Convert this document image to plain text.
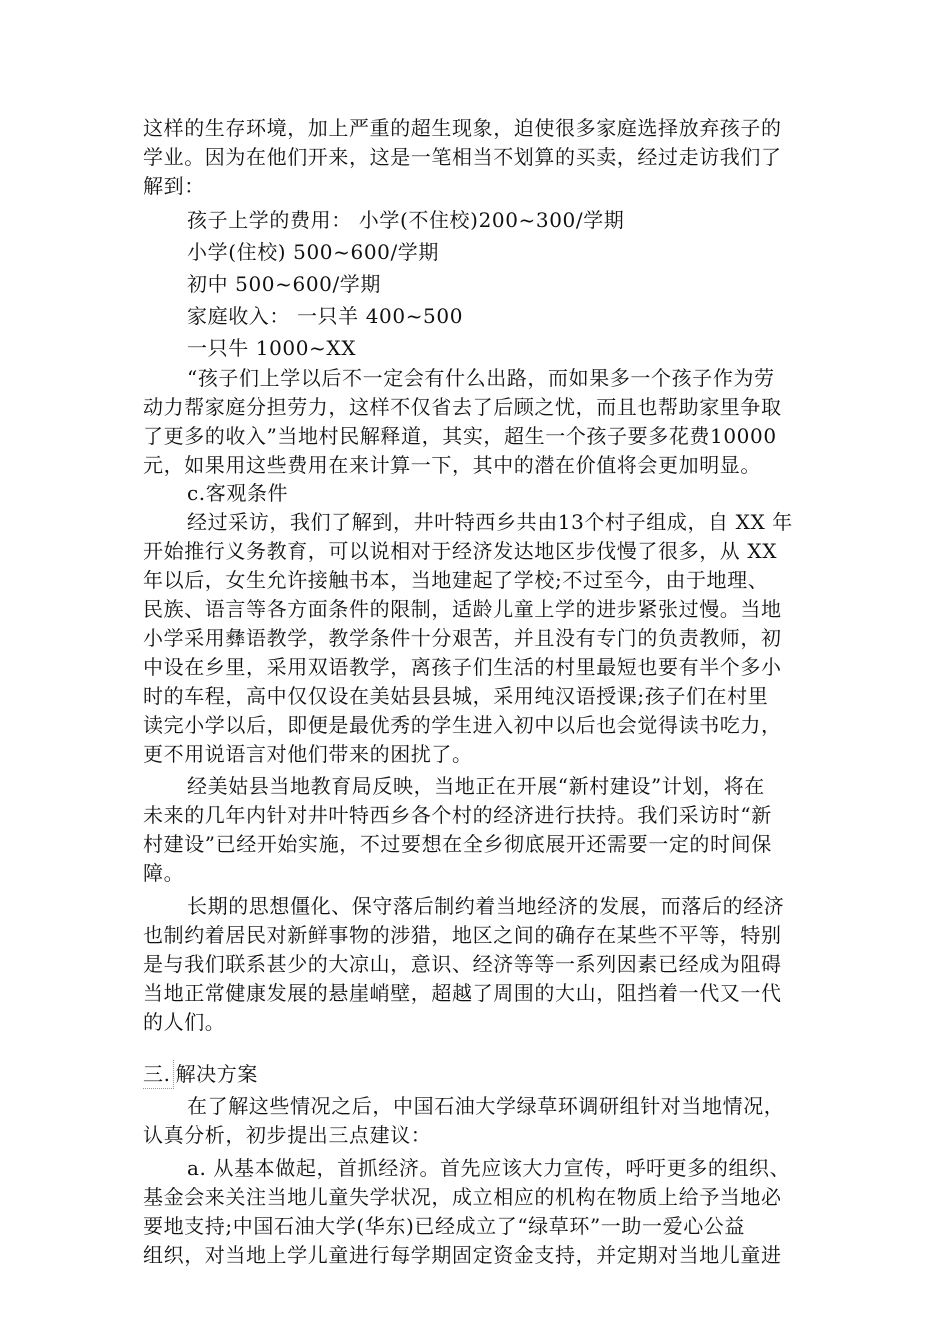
这样的生存环境，加上严重的超生现象，迫使很多家庭选择放弃孩子的
学业。因为在他们开来，这是一笔相当不划算的买卖，经过走访我们了
解到：
孩子上学的费用： 小学(不住校)200~300/学期
小学(住校) 500~600/学期
初中 500~600/学期
家庭收入： 一只羊 400~500
一只牛 1000~XX
“孩子们上学以后不一定会有什么出路，而如果多一个孩子作为劳
动力帮家庭分担劳力，这样不仅省去了后顾之忧，而且也帮助家里争取
了更多的收入”当地村民解释道，其实，超生一个孩子要多花费10000
元，如果用这些费用在来计算一下，其中的潜在价值将会更加明显。
c.客观条件
经过采访，我们了解到，井叶特西乡共由13个村子组成，自 XX 年
开始推行义务教育，可以说相对于经济发达地区步伐慢了很多，从 XX
年以后，女生允许接触书本，当地建起了学校;不过至今，由于地理、
民族、语言等各方面条件的限制，适龄儿童上学的进步紧张过慢。当地
小学采用彝语教学，教学条件十分艰苦，并且没有专门的负责教师，初
中设在乡里，采用双语教学，离孩子们生活的村里最短也要有半个多小
时的车程，高中仅仅设在美姑县县城，采用纯汉语授课;孩子们在村里
读完小学以后，即便是最优秀的学生进入初中以后也会觉得读书吃力，
更不用说语言对他们带来的困扰了。
经美姑县当地教育局反映，当地正在开展“新村建设”计划，将在
未来的几年内针对井叶特西乡各个村的经济进行扶持。我们采访时“新
村建设”已经开始实施，不过要想在全乡彻底展开还需要一定的时间保
障。
长期的思想僵化、保守落后制约着当地经济的发展，而落后的经济
也制约着居民对新鲜事物的涉猎，地区之间的确存在某些不平等，特别
是与我们联系甚少的大凉山，意识、经济等等一系列因素已经成为阻碍
当地正常健康发展的悬崖峭壁，超越了周围的大山，阻挡着一代又一代
的人们。
三. 解决方案
在了解这些情况之后，中国石油大学绿草环调研组针对当地情况，
认真分析，初步提出三点建议：
a. 从基本做起，首抓经济。首先应该大力宣传，呼吁更多的组织、
基金会来关注当地儿童失学状况，成立相应的机构在物质上给予当地必
要地支持;中国石油大学(华东)已经成立了“绿草环”一助一爱心公益
组织，对当地上学儿童进行每学期固定资金支持，并定期对当地儿童进
